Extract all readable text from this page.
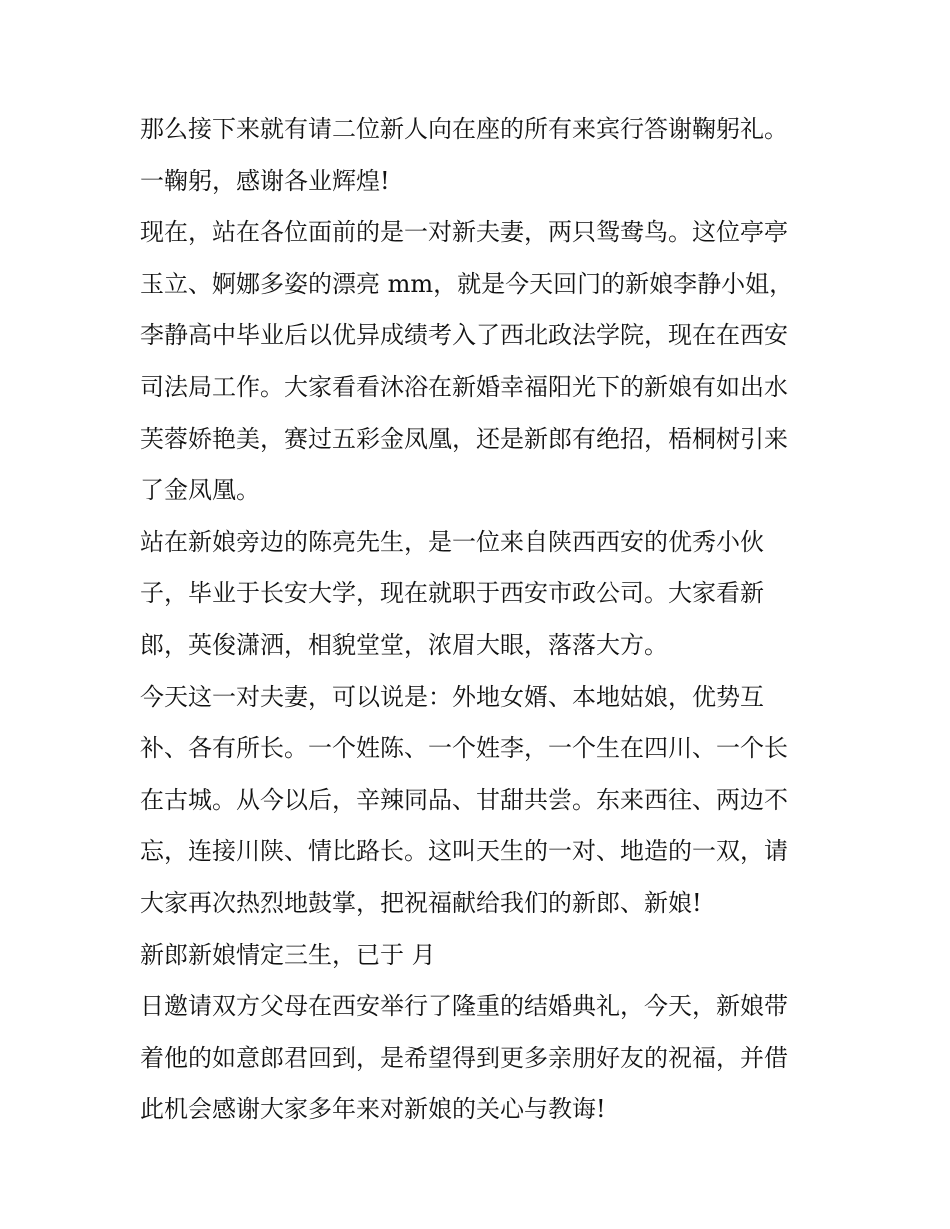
那么接下来就有请二位新人向在座的所有来宾行答谢鞠躬礼。
一鞠躬，感谢各业辉煌!
现在，站在各位面前的是一对新夫妻，两只鸳鸯鸟。这位亭亭
玉立、婀娜多姿的漂亮 mm，就是今天回门的新娘李静小姐，
李静高中毕业后以优异成绩考入了西北政法学院，现在在西安
司法局工作。大家看看沐浴在新婚幸福阳光下的新娘有如出水
芙蓉娇艳美，赛过五彩金凤凰，还是新郎有绝招，梧桐树引来
了金凤凰。
站在新娘旁边的陈亮先生，是一位来自陕西西安的优秀小伙
子，毕业于长安大学，现在就职于西安市政公司。大家看新
郎，英俊潇洒，相貌堂堂，浓眉大眼，落落大方。
今天这一对夫妻，可以说是：外地女婿、本地姑娘，优势互
补、各有所长。一个姓陈、一个姓李，一个生在四川、一个长
在古城。从今以后，辛辣同品、甘甜共尝。东来西往、两边不
忘，连接川陕、情比路长。这叫天生的一对、地造的一双，请
大家再次热烈地鼓掌，把祝福献给我们的新郎、新娘!
新郎新娘情定三生，已于 月
日邀请双方父母在西安举行了隆重的结婚典礼，今天，新娘带
着他的如意郎君回到，是希望得到更多亲朋好友的祝福，并借
此机会感谢大家多年来对新娘的关心与教诲!
